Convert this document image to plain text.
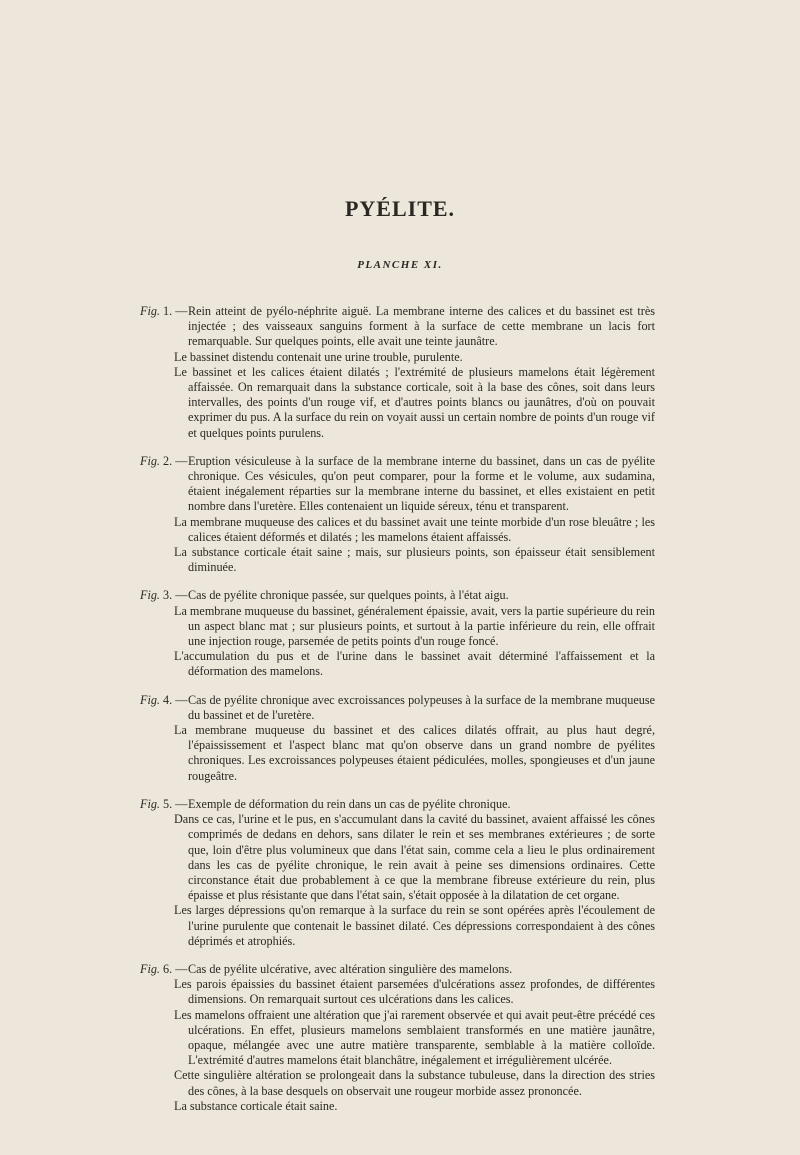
PYÉLITE.
PLANCHE XI.
Fig. 1. —Rein atteint de pyélo-néphrite aiguë. La membrane interne des calices et du bassinet est très injectée ; des vaisseaux sanguins forment à la surface de cette membrane un lacis fort remarquable. Sur quelques points, elle avait une teinte jaunâtre.
Le bassinet distendu contenait une urine trouble, purulente.
Le bassinet et les calices étaient dilatés ; l'extrémité de plusieurs mamelons était légèrement affaissée. On remarquait dans la substance corticale, soit à la base des cônes, soit dans leurs intervalles, des points d'un rouge vif, et d'autres points blancs ou jaunâtres, d'où on pouvait exprimer du pus. A la surface du rein on voyait aussi un certain nombre de points d'un rouge vif et quelques points purulens.
Fig. 2. —Eruption vésiculeuse à la surface de la membrane interne du bassinet, dans un cas de pyélite chronique. Ces vésicules, qu'on peut comparer, pour la forme et le volume, aux sudamina, étaient inégalement réparties sur la membrane interne du bassinet, et elles existaient en petit nombre dans l'uretère. Elles contenaient un liquide séreux, ténu et transparent.
La membrane muqueuse des calices et du bassinet avait une teinte morbide d'un rose bleuâtre ; les calices étaient déformés et dilatés ; les mamelons étaient affaissés.
La substance corticale était saine ; mais, sur plusieurs points, son épaisseur était sensiblement diminuée.
Fig. 3. —Cas de pyélite chronique passée, sur quelques points, à l'état aigu.
La membrane muqueuse du bassinet, généralement épaissie, avait, vers la partie supérieure du rein un aspect blanc mat ; sur plusieurs points, et surtout à la partie inférieure du rein, elle offrait une injection rouge, parsemée de petits points d'un rouge foncé.
L'accumulation du pus et de l'urine dans le bassinet avait déterminé l'affaissement et la déformation des mamelons.
Fig. 4. —Cas de pyélite chronique avec excroissances polypeuses à la surface de la membrane muqueuse du bassinet et de l'uretère.
La membrane muqueuse du bassinet et des calices dilatés offrait, au plus haut degré, l'épaississement et l'aspect blanc mat qu'on observe dans un grand nombre de pyélites chroniques. Les excroissances polypeuses étaient pédiculées, molles, spongieuses et d'un jaune rougeâtre.
Fig. 5. —Exemple de déformation du rein dans un cas de pyélite chronique.
Dans ce cas, l'urine et le pus, en s'accumulant dans la cavité du bassinet, avaient affaissé les cônes comprimés de dedans en dehors, sans dilater le rein et ses membranes extérieures ; de sorte que, loin d'être plus volumineux que dans l'état sain, comme cela a lieu le plus ordinairement dans les cas de pyélite chronique, le rein avait à peine ses dimensions ordinaires. Cette circonstance était due probablement à ce que la membrane fibreuse extérieure du rein, plus épaisse et plus résistante que dans l'état sain, s'était opposée à la dilatation de cet organe.
Les larges dépressions qu'on remarque à la surface du rein se sont opérées après l'écoulement de l'urine purulente que contenait le bassinet dilaté. Ces dépressions correspondaient à des cônes déprimés et atrophiés.
Fig. 6. —Cas de pyélite ulcérative, avec altération singulière des mamelons.
Les parois épaissies du bassinet étaient parsemées d'ulcérations assez profondes, de différentes dimensions. On remarquait surtout ces ulcérations dans les calices.
Les mamelons offraient une altération que j'ai rarement observée et qui avait peut-être précédé ces ulcérations. En effet, plusieurs mamelons semblaient transformés en une matière jaunâtre, opaque, mélangée avec une autre matière transparente, semblable à la matière colloïde. L'extrémité d'autres mamelons était blanchâtre, inégalement et irrégulièrement ulcérée.
Cette singulière altération se prolongeait dans la substance tubuleuse, dans la direction des stries des cônes, à la base desquels on observait une rougeur morbide assez prononcée.
La substance corticale était saine.
